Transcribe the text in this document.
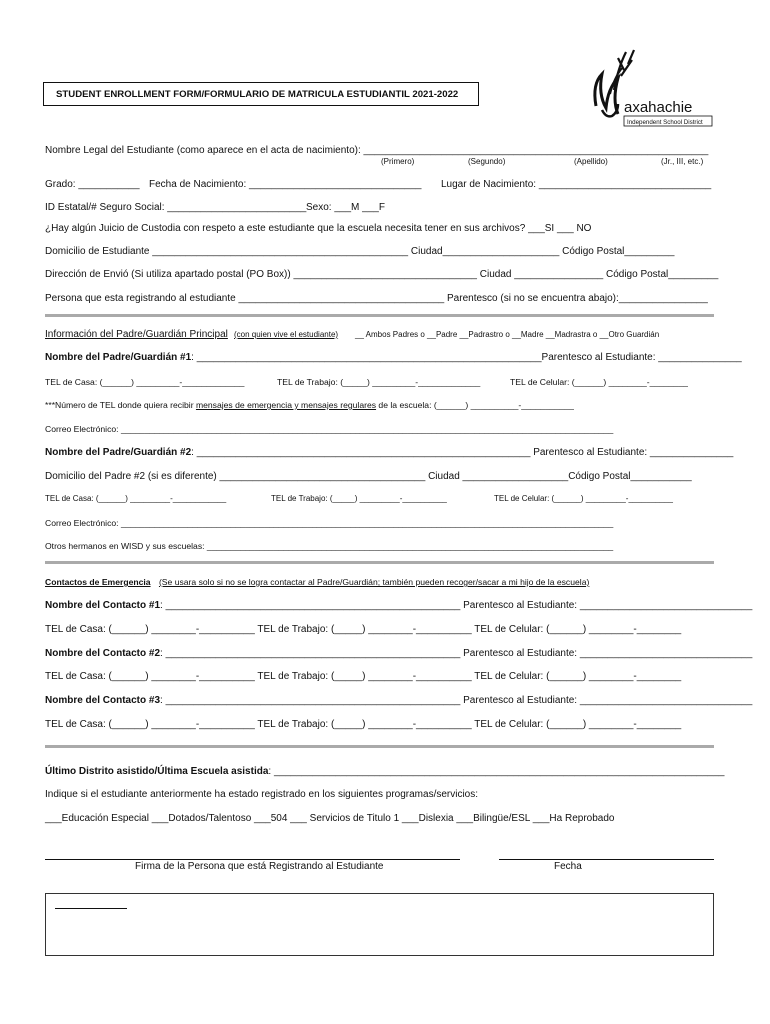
STUDENT ENROLLMENT FORM/FORMULARIO DE MATRICULA ESTUDIANTIL 2021-2022
axahachie
Independent School District
Nombre Legal del Estudiante (como aparece en el acta de nacimiento): ______________________________________________________________
(Primero)	(Segundo)	(Apellido)	(Jr., III, etc.)
Grado: ___________ Fecha de Nacimiento: _______________________________ Lugar de Nacimiento: _______________________________
ID Estatal/# Seguro Social: _________________________ Sexo: ___M ___F
¿Hay algún Juicio de Custodia con respeto a este estudiante que la escuela necesita tener en sus archivos? ___SI ___ NO
Domicilio de Estudiante ______________________________________________ Ciudad_____________________ Código Postal_________
Dirección de Envió (Si utiliza apartado postal (PO Box)) _________________________________ Ciudad ________________ Código Postal_________
Persona que esta registrando al estudiante _____________________________________ Parentesco (si no se encuentra abajo):________________
Información del Padre/Guardián Principal (con quien vive el estudiante) __ Ambos Padres o __Padre __Padrastro o __Madre __Madrastra o __Otro Guardián
Nombre del Padre/Guardián #1: ______________________________________________________________Parentesco al Estudiante: _______________
TEL de Casa: (______) _________-_____________	TEL de Trabajo: (_____) _________-_____________	TEL de Celular: (______) ________-________
***Número de TEL donde quiera recibir mensajes de emergencia y mensajes regulares de la escuela: (______) __________-___________
Correo Electrónico: _______________________________________________________________________________________________________
Nombre del Padre/Guardián #2: ____________________________________________________________ Parentesco al Estudiante: _______________
Domicilio del Padre #2 (si es diferente) _____________________________________ Ciudad ___________________Código Postal___________
TEL de Casa: (______) _________-____________	TEL de Trabajo: (_____) _________-__________	TEL de Celular: (______) _________-__________
Correo Electrónico: _______________________________________________________________________________________________________
Otros hermanos en WISD y sus escuelas: _____________________________________________________________________________________
Contactos de Emergencia (Se usara solo si no se logra contactar al Padre/Guardián; también pueden recoger/sacar a mi hijo de la escuela)
Nombre del Contacto #1: _____________________________________________________ Parentesco al Estudiante: _______________________________
TEL de Casa: (______) ________-__________ TEL de Trabajo: (_____) ________-__________ TEL de Celular: (______) ________-________
Nombre del Contacto #2: _____________________________________________________ Parentesco al Estudiante: _______________________________
TEL de Casa: (______) ________-__________ TEL de Trabajo: (_____) ________-__________ TEL de Celular: (______) ________-________
Nombre del Contacto #3: _____________________________________________________ Parentesco al Estudiante: _______________________________
TEL de Casa: (______) ________-__________ TEL de Trabajo: (_____) ________-__________ TEL de Celular: (______) ________-________
Último Distrito asistido/Última Escuela asistida: _________________________________________________________________________________
Indique si el estudiante anteriormente ha estado registrado en los siguientes programas/servicios:
___Educación Especial ___Dotados/Talentoso ___504 ___ Servicios de Titulo 1 ___Dislexia ___Bilingüe/ESL ___Ha Reprobado
Firma de la Persona que está Registrando al Estudiante	Fecha
